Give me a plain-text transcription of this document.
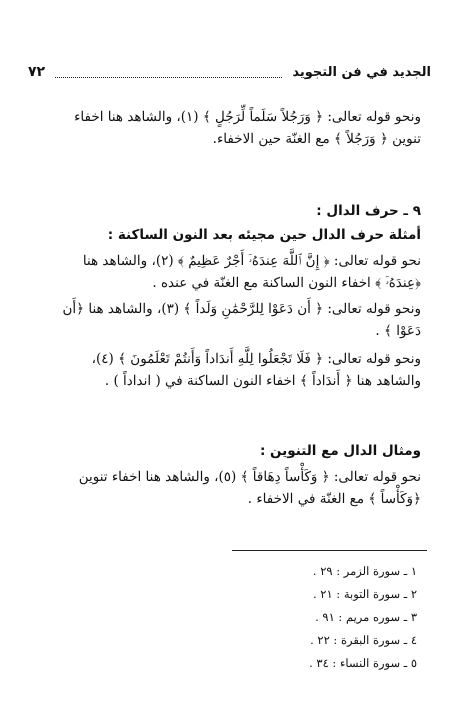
الجديد في فن التجويد
٧٢
ونحو قوله تعالى: ﴿ وَرَجُلاً سَلَماً لِّرَجُلٍ ﴾ (١)، والشاهد هنا اخفاء
تنوين ﴿ وَرَجُلاً ﴾ مع الغنّة حين الاخفاء.
٩ ـ حرف الدال :
أمثلة حرف الدال حين مجيئه بعد النون الساكنة :
نحو قوله تعالى: ﴿ إِنَّ ٱللَّهَ عِندَهُۥٓ أَجْرٌ عَظِيمٌ ﴾ (٢)، والشاهد هنا
﴿عِندَهُۥٓ ﴾ اخفاء النون الساكنة مع الغنّة في عنده .
ونحو قوله تعالى: ﴿ أَن دَعَوْا لِلرَّحْمَٰنِ وَلَداً ﴾ (٣)، والشاهد هنا ﴿أَن
دَعَوْا ﴾ .
ونحو قوله تعالى: ﴿ فَلَا تَجْعَلُوا لِلَّهِ أَندَاداً وَأَنتُمْ تَعْلَمُونَ ﴾ (٤)،
والشاهد هنا ﴿ أَندَاداً ﴾ اخفاء النون الساكنة في ( انداداً ) .
ومثال الدال مع التنوين :
نحو قوله تعالى: ﴿ وَكَأْساً دِهَاقاً ﴾ (٥)، والشاهد هنا اخفاء تنوين
﴿وَكَأْساً ﴾ مع الغنّة في الاخفاء .
١ ـ سورة الزمر : ٢٩ .
٢ ـ سورة التوبة : ٢١ .
٣ ـ سوره مريم : ٩١ .
٤ ـ سورة البقرة : ٢٢ .
٥ ـ سورة النساء : ٣٤ .
